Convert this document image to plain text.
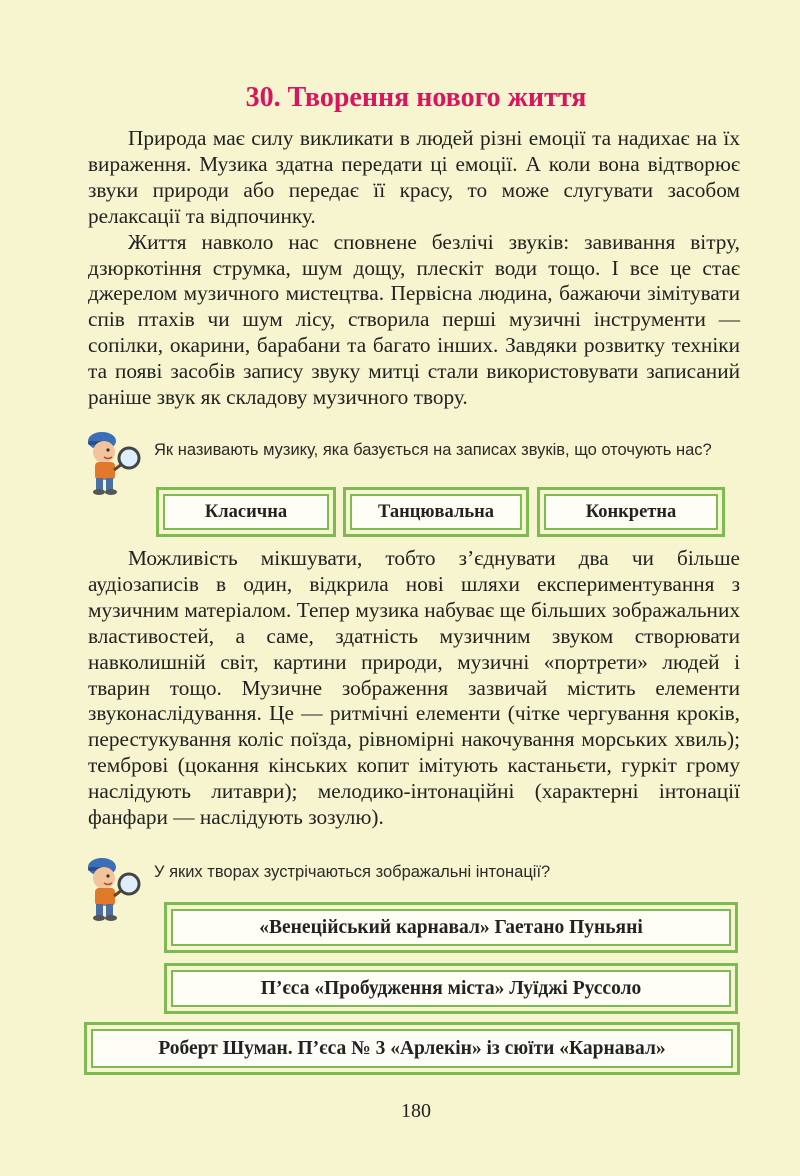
30. Творення нового життя

Природа має силу викликати в людей різні емоції та надихає на їх вираження. Музика здатна передати ці емоції. А коли вона відтворює звуки природи або передає її красу, то може слугувати засобом релаксації та відпочинку.

Життя навколо нас сповнене безлічі звуків: завивання вітру, дзюркотіння струмка, шум дощу, плескіт води тощо. І все це стає джерелом музичного мистецтва. Первісна людина, бажаючи зімітувати спів птахів чи шум лісу, створила перші музичні інструменти — сопілки, окарини, барабани та багато інших. Завдяки розвитку техніки та появі засобів запису звуку митці стали використовувати записаний раніше звук як складову музичного твору.

Як називають музику, яка базується на записах звуків, що оточують нас?

Класична	Танцювальна	Конкретна

Можливість мікшувати, тобто з’єднувати два чи більше аудіозаписів в один, відкрила нові шляхи експериментування з музичним матеріалом. Тепер музика набуває ще більших зображальних властивостей, а саме, здатність музичним звуком створювати навколишній світ, картини природи, музичні «портрети» людей і тварин тощо. Музичне зображення зазвичай містить елементи звуконаслідування. Це — ритмічні елементи (чітке чергування кроків, перестукування коліс поїзда, рівномірні накочування морських хвиль); темброві (цокання кінських копит імітують кастаньєти, гуркіт грому наслідують литаври); мелодико-інтонаційні (характерні інтонації фанфари — наслідують зозулю).

У яких творах зустрічаються зображальні інтонації?

«Венеційський карнавал» Гаетано Пуньяні
П’єса «Пробудження міста» Луїджі Руссоло
Роберт Шуман. П’єса № 3 «Арлекін» із сюїти «Карнавал»

180
